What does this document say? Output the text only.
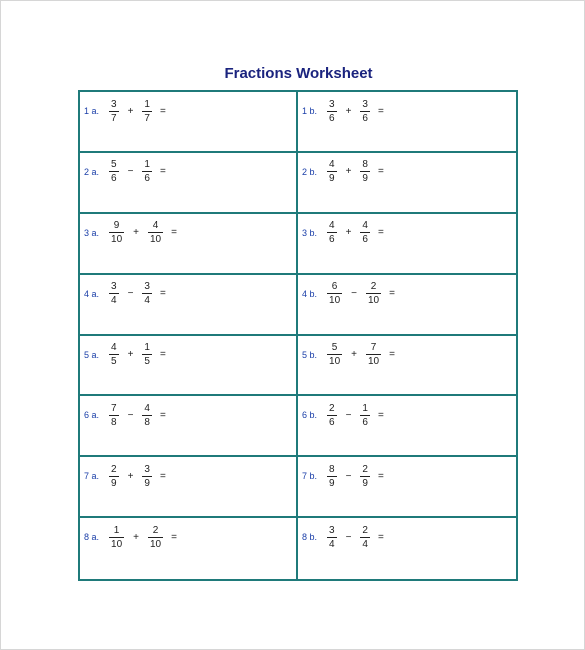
Fractions Worksheet
1 a. $\frac{3}{7} + \frac{1}{7}$ =	1 b. $\frac{3}{6} + \frac{3}{6}$ =
2 a. $\frac{5}{6} - \frac{1}{6}$ =	2 b. $\frac{4}{9} + \frac{8}{9}$ =
3 a. $\frac{9}{10} + \frac{4}{10}$ =	3 b. $\frac{4}{6} + \frac{4}{6}$ =
4 a. $\frac{3}{4} - \frac{3}{4}$ =	4 b. $\frac{6}{10} - \frac{2}{10}$ =
5 a. $\frac{4}{5} + \frac{1}{5}$ =	5 b. $\frac{5}{10} + \frac{7}{10}$ =
6 a. $\frac{7}{8} - \frac{4}{8}$ =	6 b. $\frac{2}{6} - \frac{1}{6}$ =
7 a. $\frac{2}{9} + \frac{3}{9}$ =	7 b. $\frac{8}{9} - \frac{2}{9}$ =
8 a. $\frac{1}{10} + \frac{2}{10}$ =	8 b. $\frac{3}{4} - \frac{2}{4}$ =
